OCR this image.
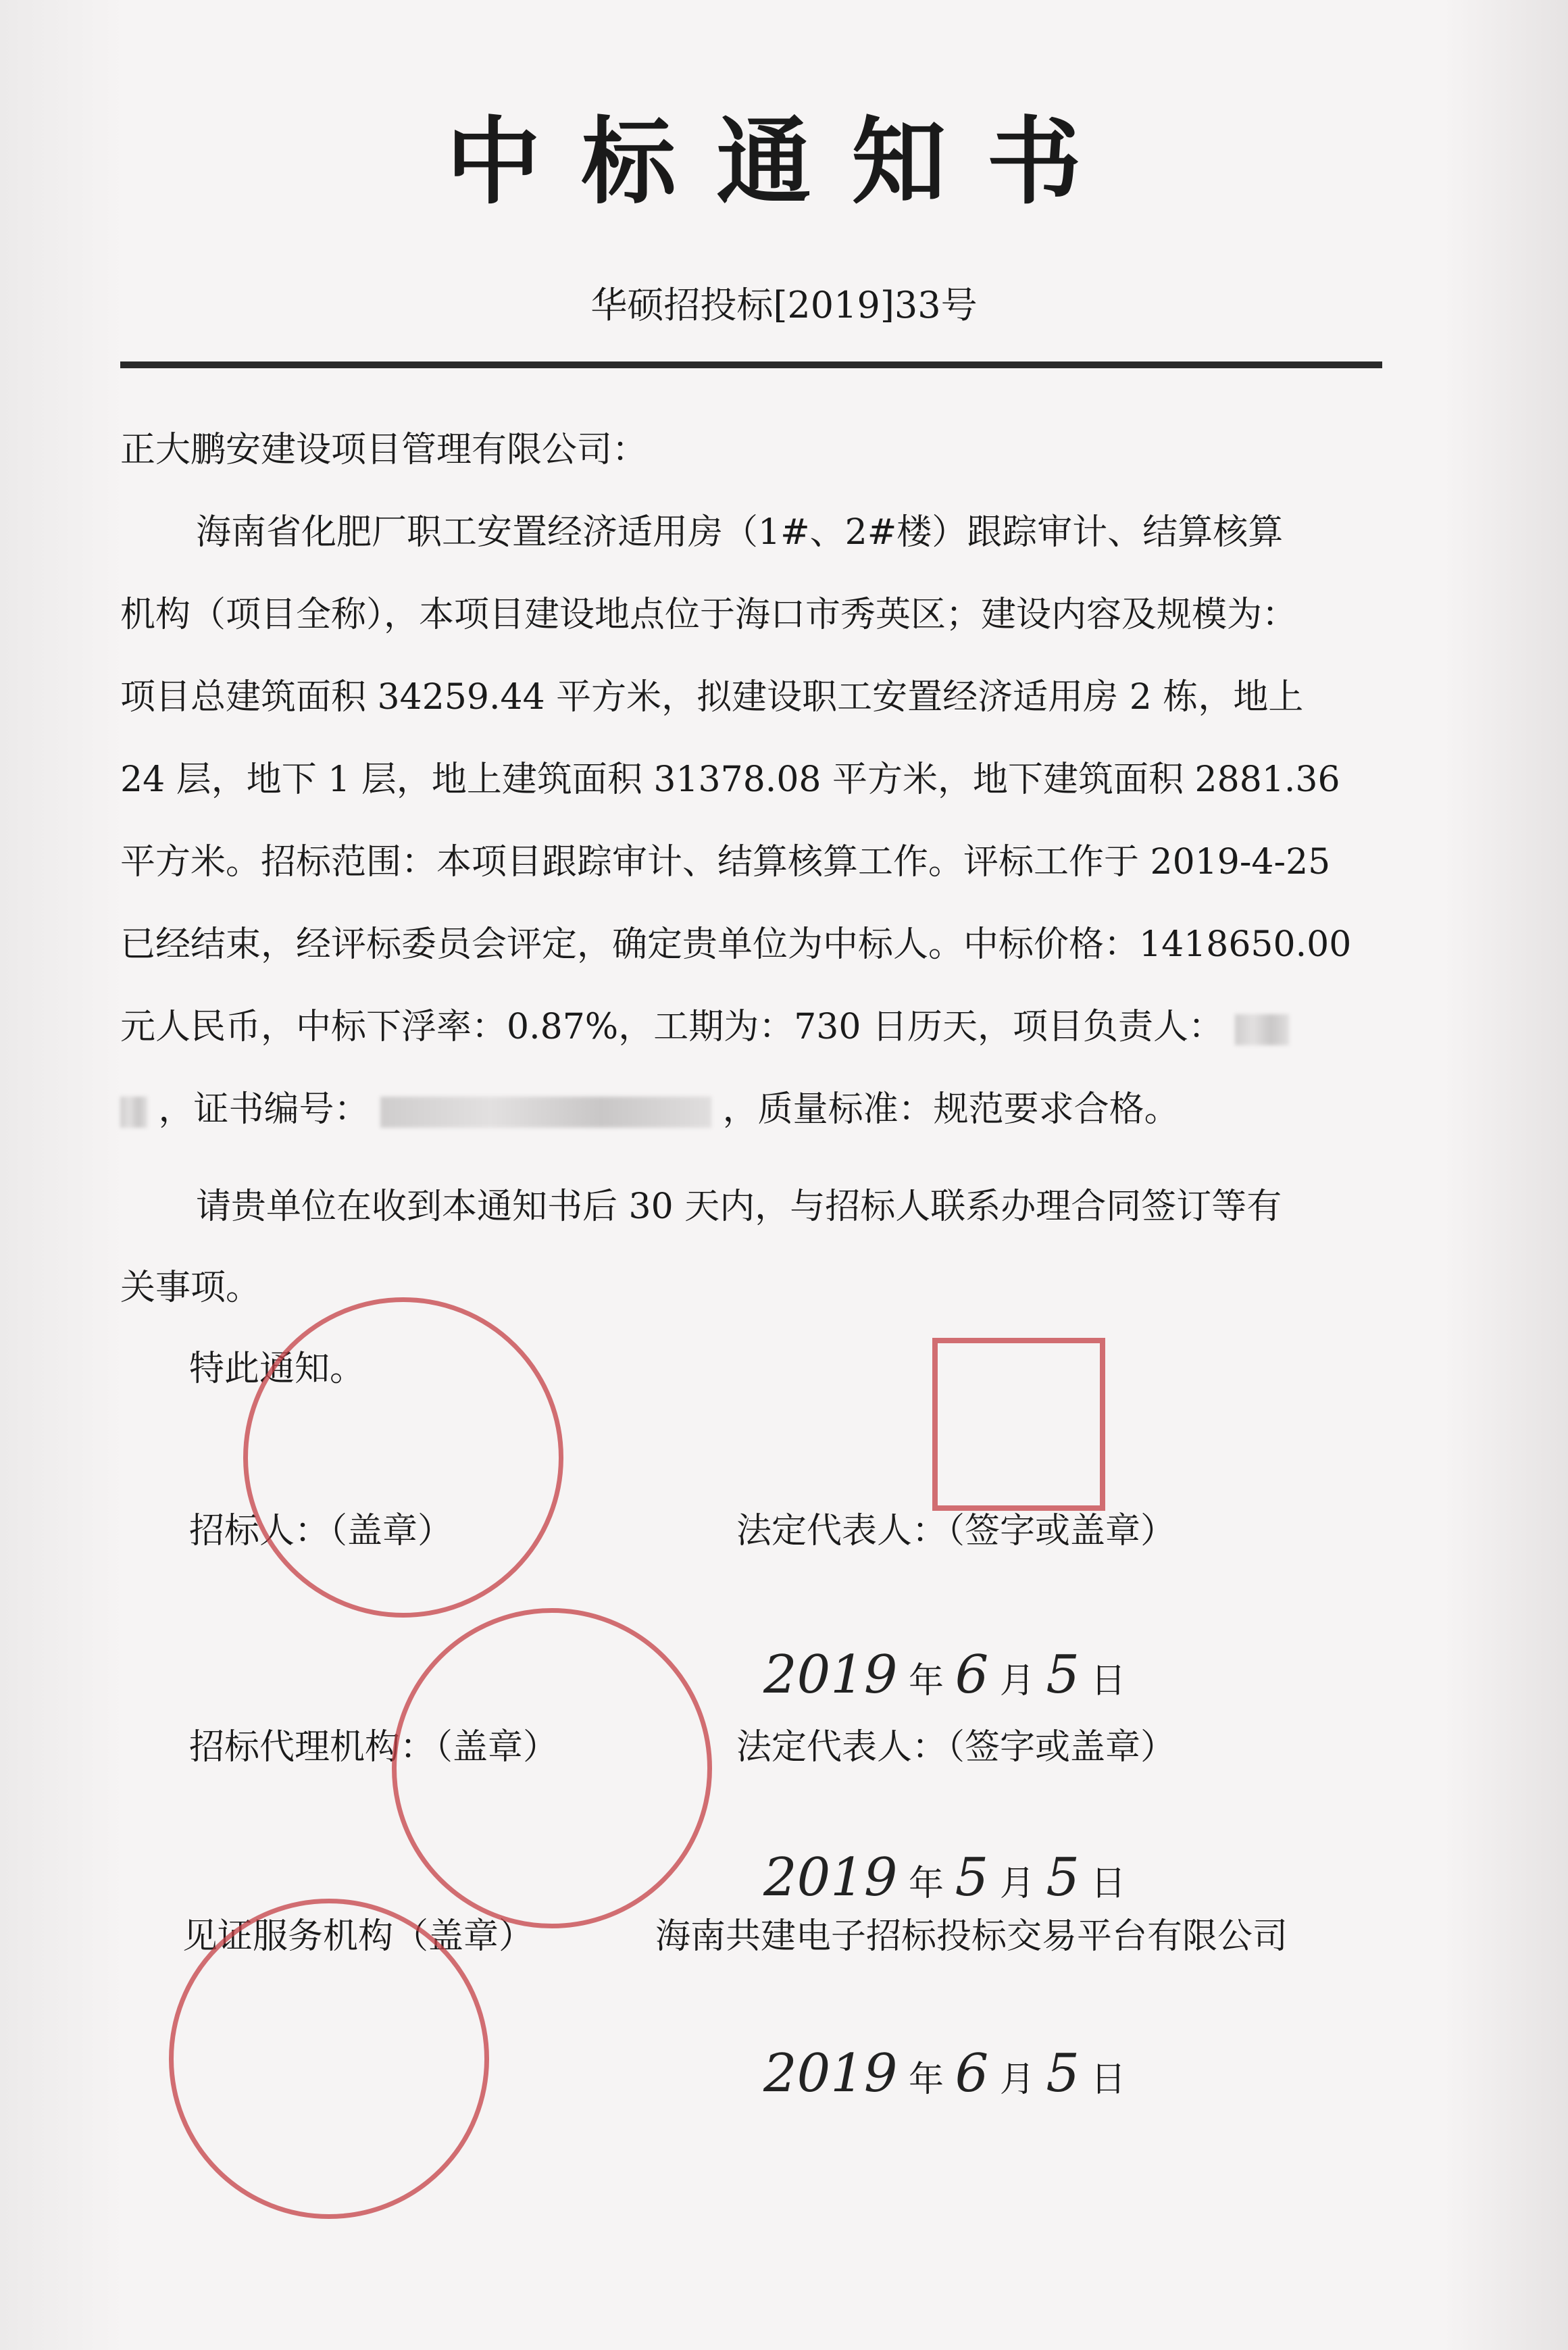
中标通知书
华硕招投标[2019]33号
正大鹏安建设项目管理有限公司：
海南省化肥厂职工安置经济适用房（1#、2#楼）跟踪审计、结算核算
机构（项目全称），本项目建设地点位于海口市秀英区；建设内容及规模为：
项目总建筑面积 34259.44 平方米，拟建设职工安置经济适用房 2 栋，地上
24 层，地下 1 层，地上建筑面积 31378.08 平方米，地下建筑面积 2881.36
平方米。招标范围：本项目跟踪审计、结算核算工作。评标工作于 2019-4-25
已经结束，经评标委员会评定，确定贵单位为中标人。中标价格：1418650.00
元人民币，中标下浮率：0.87%，工期为：730 日历天，项目负责人：
，证书编号：	，质量标准：规范要求合格。
请贵单位在收到本通知书后 30 天内，与招标人联系办理合同签订等有
关事项。
特此通知。
招标人：（盖章）	法定代表人：（签字或盖章）
2019 年 6 月 5 日
招标代理机构：（盖章）	法定代表人：（签字或盖章）
2019 年 5 月 5 日
见证服务机构（盖章）	海南共建电子招标投标交易平台有限公司
2019 年 6 月 5 日
